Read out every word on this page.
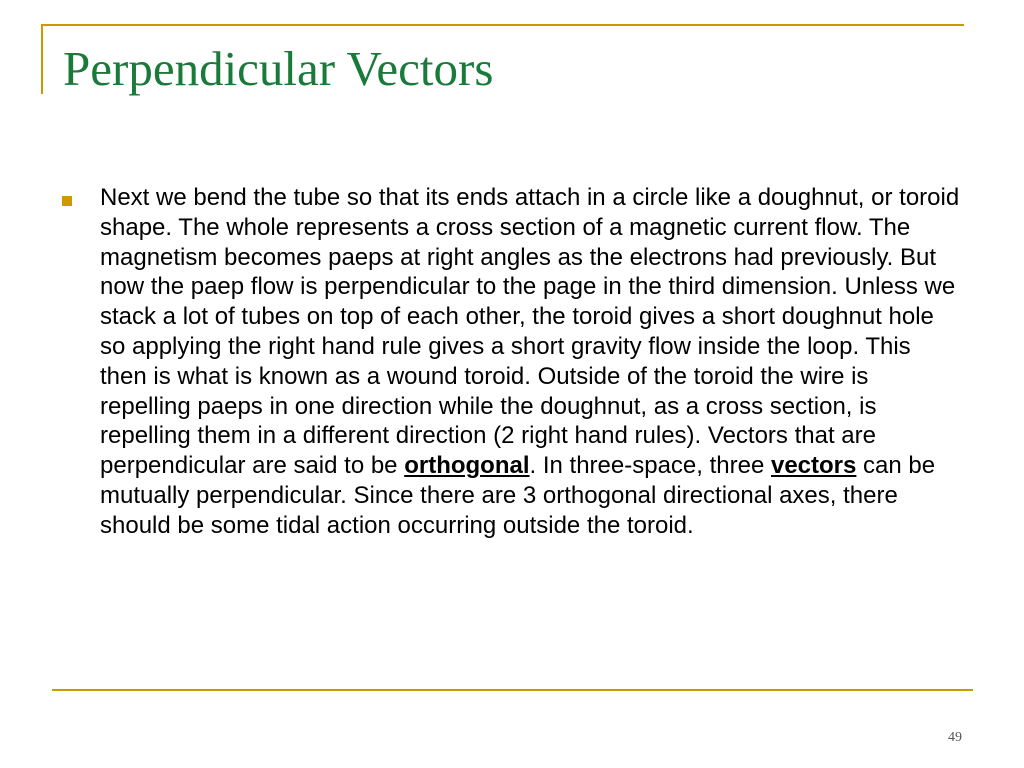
Perpendicular Vectors

Next we bend the tube so that its ends attach in a circle like a doughnut, or toroid shape. The whole represents a cross section of a magnetic current flow. The magnetism becomes paeps at right angles as the electrons had previously. But now the paep flow is perpendicular to the page in the third dimension. Unless we stack a lot of tubes on top of each other, the toroid gives a short doughnut hole so applying the right hand rule gives a short gravity flow inside the loop. This then is what is known as a wound toroid. Outside of the toroid the wire is repelling paeps in one direction while the doughnut, as a cross section, is repelling them in a different direction (2 right hand rules). Vectors that are perpendicular are said to be orthogonal. In three-space, three vectors can be mutually perpendicular. Since there are 3 orthogonal directional axes, there should be some tidal action occurring outside the toroid.

49
